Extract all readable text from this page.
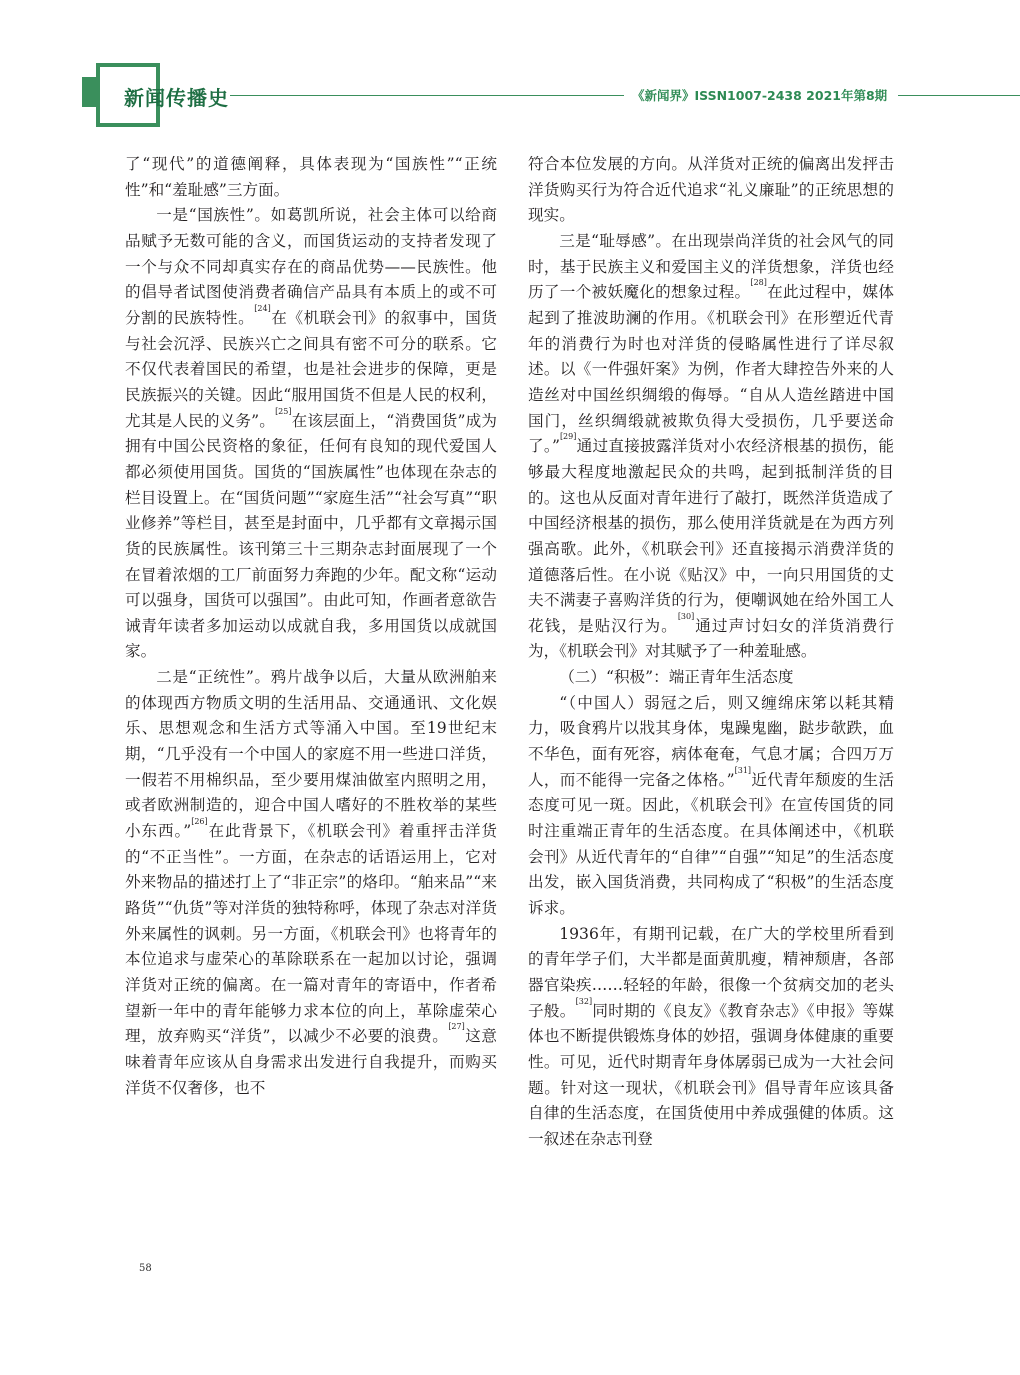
新闻传播史	《新闻界》ISSN1007-2438 2021年第8期

了“现代”的道德阐释，具体表现为“国族性”“正统性”和“羞耻感”三方面。

一是“国族性”。如葛凯所说，社会主体可以给商品赋予无数可能的含义，而国货运动的支持者发现了一个与众不同却真实存在的商品优势——民族性。他的倡导者试图使消费者确信产品具有本质上的或不可分割的民族特性。[24]在《机联会刊》的叙事中，国货与社会沉浮、民族兴亡之间具有密不可分的联系。它不仅代表着国民的希望，也是社会进步的保障，更是民族振兴的关键。因此“服用国货不但是人民的权利，尤其是人民的义务”。[25]在该层面上，“消费国货”成为拥有中国公民资格的象征，任何有良知的现代爱国人都必须使用国货。国货的“国族属性”也体现在杂志的栏目设置上。在“国货问题”“家庭生活”“社会写真”“职业修养”等栏目，甚至是封面中，几乎都有文章揭示国货的民族属性。该刊第三十三期杂志封面展现了一个在冒着浓烟的工厂前面努力奔跑的少年。配文称“运动可以强身，国货可以强国”。由此可知，作画者意欲告诫青年读者多加运动以成就自我，多用国货以成就国家。

二是“正统性”。鸦片战争以后，大量从欧洲舶来的体现西方物质文明的生活用品、交通通讯、文化娱乐、思想观念和生活方式等涌入中国。至19世纪末期，“几乎没有一个中国人的家庭不用一些进口洋货，一假若不用棉织品，至少要用煤油做室内照明之用，或者欧洲制造的，迎合中国人嗜好的不胜枚举的某些小东西。”[26]在此背景下，《机联会刊》着重抨击洋货的“不正当性”。一方面，在杂志的话语运用上，它对外来物品的描述打上了“非正宗”的烙印。“舶来品”“来路货”“仇货”等对洋货的独特称呼，体现了杂志对洋货外来属性的讽刺。另一方面，《机联会刊》也将青年的本位追求与虚荣心的革除联系在一起加以讨论，强调洋货对正统的偏离。在一篇对青年的寄语中，作者希望新一年中的青年能够力求本位的向上，革除虚荣心理，放弃购买“洋货”，以减少不必要的浪费。[27]这意味着青年应该从自身需求出发进行自我提升，而购买洋货不仅奢侈，也不

符合本位发展的方向。从洋货对正统的偏离出发抨击洋货购买行为符合近代追求“礼义廉耻”的正统思想的现实。

三是“耻辱感”。在出现崇尚洋货的社会风气的同时，基于民族主义和爱国主义的洋货想象，洋货也经历了一个被妖魔化的想象过程。[28]在此过程中，媒体起到了推波助澜的作用。《机联会刊》在形塑近代青年的消费行为时也对洋货的侵略属性进行了详尽叙述。以《一件强奸案》为例，作者大肆控告外来的人造丝对中国丝织绸缎的侮辱。“自从人造丝踏进中国国门，丝织绸缎就被欺负得大受损伤，几乎要送命了。”[29]通过直接披露洋货对小农经济根基的损伤，能够最大程度地激起民众的共鸣，起到抵制洋货的目的。这也从反面对青年进行了敲打，既然洋货造成了中国经济根基的损伤，那么使用洋货就是在为西方列强高歌。此外，《机联会刊》还直接揭示消费洋货的道德落后性。在小说《贴汉》中，一向只用国货的丈夫不满妻子喜购洋货的行为，便嘲讽她在给外国工人花钱，是贴汉行为。[30]通过声讨妇女的洋货消费行为，《机联会刊》对其赋予了一种羞耻感。

（二）“积极”：端正青年生活态度

“（中国人）弱冠之后，则又缠绵床笫以耗其精力，吸食鸦片以戕其身体，鬼躁鬼幽，跶步欹跌，血不华色，面有死容，病体奄奄，气息才属；合四万万人，而不能得一完备之体格。”[31]近代青年颓废的生活态度可见一斑。因此，《机联会刊》在宣传国货的同时注重端正青年的生活态度。在具体阐述中，《机联会刊》从近代青年的“自律”“自强”“知足”的生活态度出发，嵌入国货消费，共同构成了“积极”的生活态度诉求。

1936年，有期刊记载，在广大的学校里所看到的青年学子们，大半都是面黄肌瘦，精神颓唐，各部器官染疾……轻轻的年龄，很像一个贫病交加的老头子般。[32]同时期的《良友》《教育杂志》《申报》等媒体也不断提供锻炼身体的妙招，强调身体健康的重要性。可见，近代时期青年身体孱弱已成为一大社会问题。针对这一现状，《机联会刊》倡导青年应该具备自律的生活态度，在国货使用中养成强健的体质。这一叙述在杂志刊登

58
